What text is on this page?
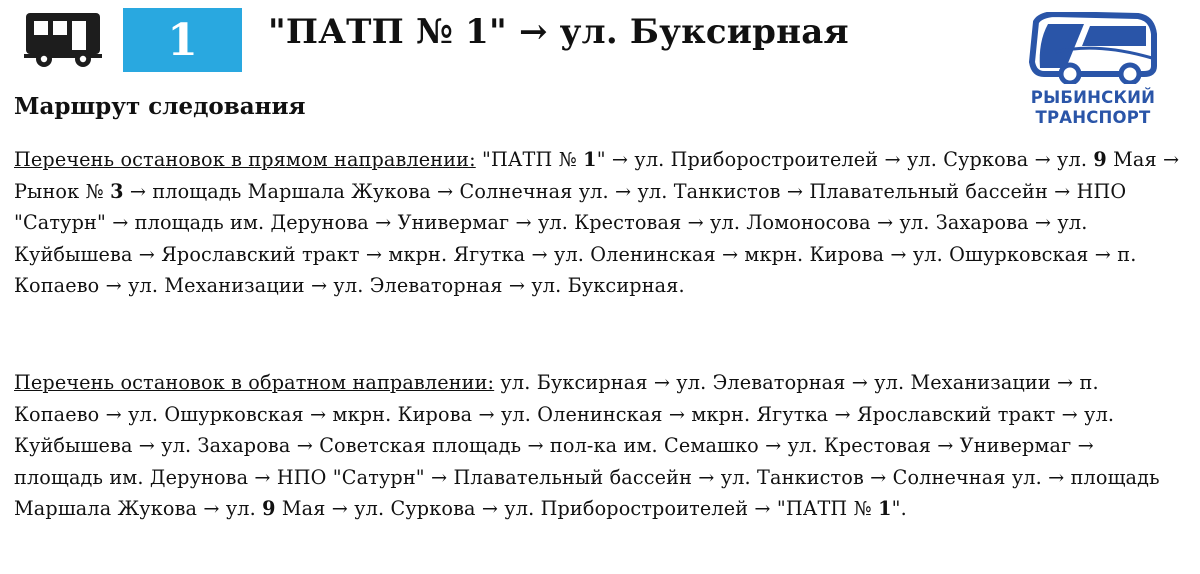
1 "ПАТП № 1" → ул. Буксирная
РЫБИНСКИЙ
ТРАНСПОРТ
Маршрут следования
Перечень остановок в прямом направлении: "ПАТП № 1" → ул. Приборостроителей → ул. Суркова → ул. 9 Мая → Рынок № 3 → площадь Маршала Жукова → Солнечная ул. → ул. Танкистов → Плавательный бассейн → НПО "Сатурн" → площадь им. Дерунова → Универмаг → ул. Крестовая → ул. Ломоносова → ул. Захарова → ул. Куйбышева → Ярославский тракт → мкрн. Ягутка → ул. Оленинская → мкрн. Кирова → ул. Ошурковская → п. Копаево → ул. Механизации → ул. Элеваторная → ул. Буксирная.
Перечень остановок в обратном направлении: ул. Буксирная → ул. Элеваторная → ул. Механизации → п. Копаево → ул. Ошурковская → мкрн. Кирова → ул. Оленинская → мкрн. Ягутка → Ярославский тракт → ул. Куйбышева → ул. Захарова → Советская площадь → пол-ка им. Семашко → ул. Крестовая → Универмаг → площадь им. Дерунова → НПО "Сатурн" → Плавательный бассейн → ул. Танкистов → Солнечная ул. → площадь Маршала Жукова → ул. 9 Мая → ул. Суркова → ул. Приборостроителей → "ПАТП № 1".
